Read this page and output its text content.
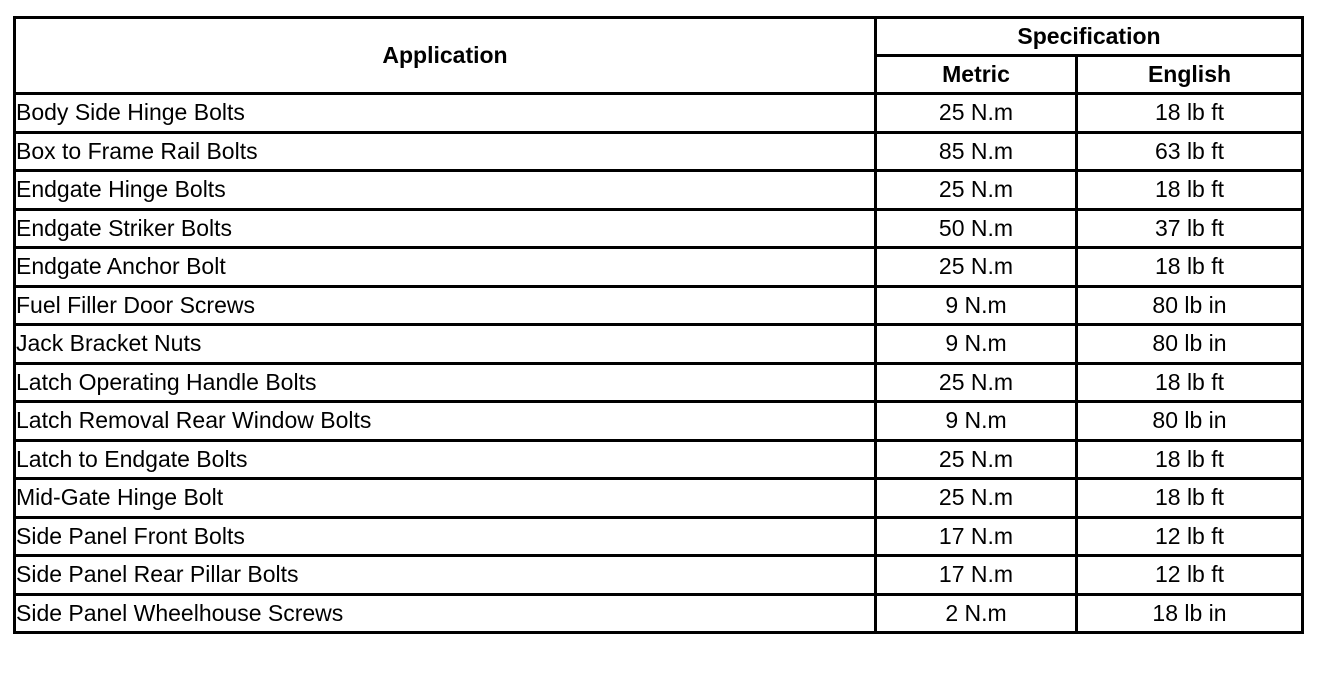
Application	Specification	
	Metric	English
Body Side Hinge Bolts	25 N.m	18 lb ft
Box to Frame Rail Bolts	85 N.m	63 lb ft
Endgate Hinge Bolts	25 N.m	18 lb ft
Endgate Striker Bolts	50 N.m	37 lb ft
Endgate Anchor Bolt	25 N.m	18 lb ft
Fuel Filler Door Screws	9 N.m	80 lb in
Jack Bracket Nuts	9 N.m	80 lb in
Latch Operating Handle Bolts	25 N.m	18 lb ft
Latch Removal Rear Window Bolts	9 N.m	80 lb in
Latch to Endgate Bolts	25 N.m	18 lb ft
Mid-Gate Hinge Bolt	25 N.m	18 lb ft
Side Panel Front Bolts	17 N.m	12 lb ft
Side Panel Rear Pillar Bolts	17 N.m	12 lb ft
Side Panel Wheelhouse Screws	2 N.m	18 lb in
